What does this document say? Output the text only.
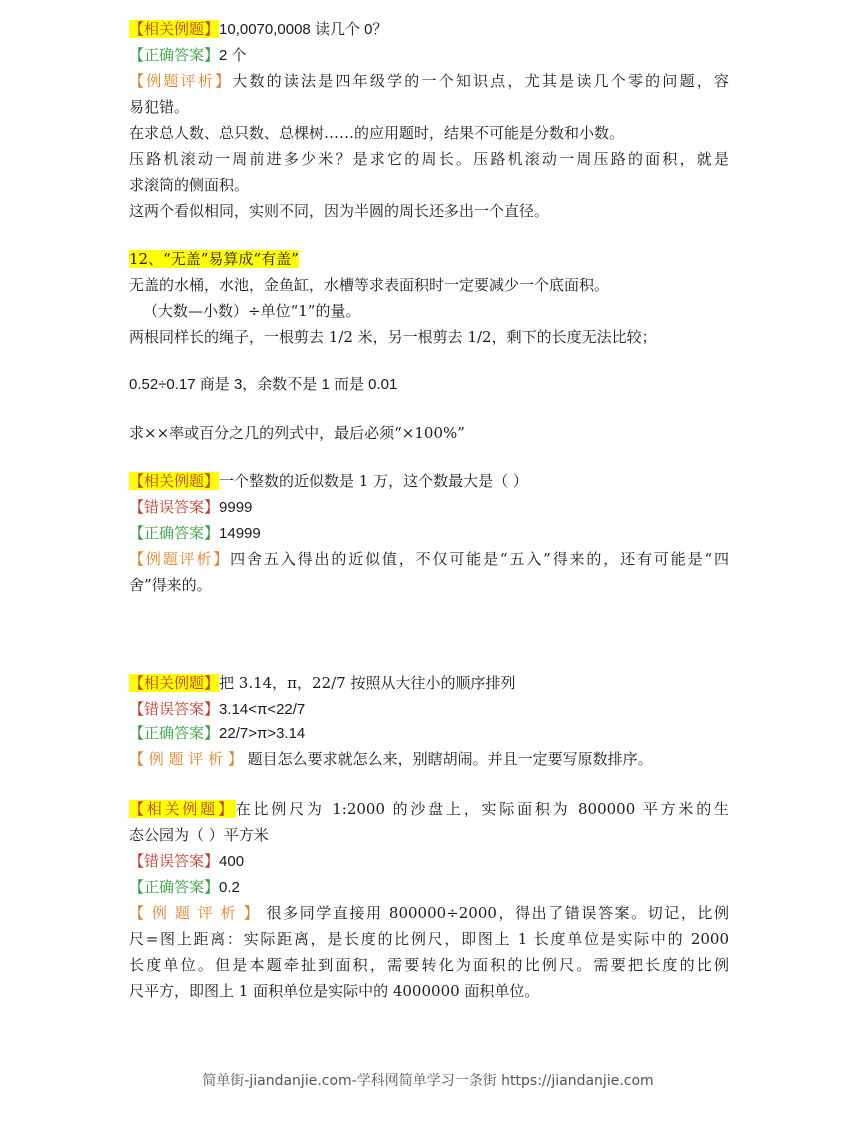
【相关例题】10,0070,0008 读几个 0？
【正确答案】2 个
【例题评析】大数的读法是四年级学的一个知识点，尤其是读几个零的问题，容
易犯错。
在求总人数、总只数、总棵树……的应用题时，结果不可能是分数和小数。
压路机滚动一周前进多少米？是求它的周长。压路机滚动一周压路的面积，就是
求滚筒的侧面积。
这两个看似相同，实则不同，因为半圆的周长还多出一个直径。
12、“无盖”易算成“有盖”
无盖的水桶，水池，金鱼缸，水槽等求表面积时一定要减少一个底面积。
（大数—小数）÷单位“1”的量。
两根同样长的绳子，一根剪去 1/2 米，另一根剪去 1/2，剩下的长度无法比较；
0.52÷0.17 商是 3，余数不是 1 而是 0.01
求××率或百分之几的列式中，最后必须“×100%”
【相关例题】一个整数的近似数是 1 万，这个数最大是（ ）
【错误答案】9999
【正确答案】14999
【例题评析】四舍五入得出的近似值，不仅可能是“五入”得来的，还有可能是“四
舍”得来的。
【相关例题】把 3.14，π，22/7 按照从大往小的顺序排列
【错误答案】3.14<π<22/7
【正确答案】22/7>π>3.14
【 例 题 评 析 】 题目怎么要求就怎么来，别瞎胡闹。并且一定要写原数排序。
【相关例题】在比例尺为 1:2000 的沙盘上，实际面积为 800000 平方米的生
态公园为（ ）平方米
【错误答案】400
【正确答案】0.2
【 例 题 评 析 】 很多同学直接用 800000÷2000，得出了错误答案。切记，比例
尺=图上距离：实际距离，是长度的比例尺，即图上 1 长度单位是实际中的 2000
长度单位。但是本题牵扯到面积，需要转化为面积的比例尺。需要把长度的比例
尺平方，即图上 1 面积单位是实际中的 4000000 面积单位。
简单街-jiandanjie.com-学科网简单学习一条街 https://jiandanjie.com
